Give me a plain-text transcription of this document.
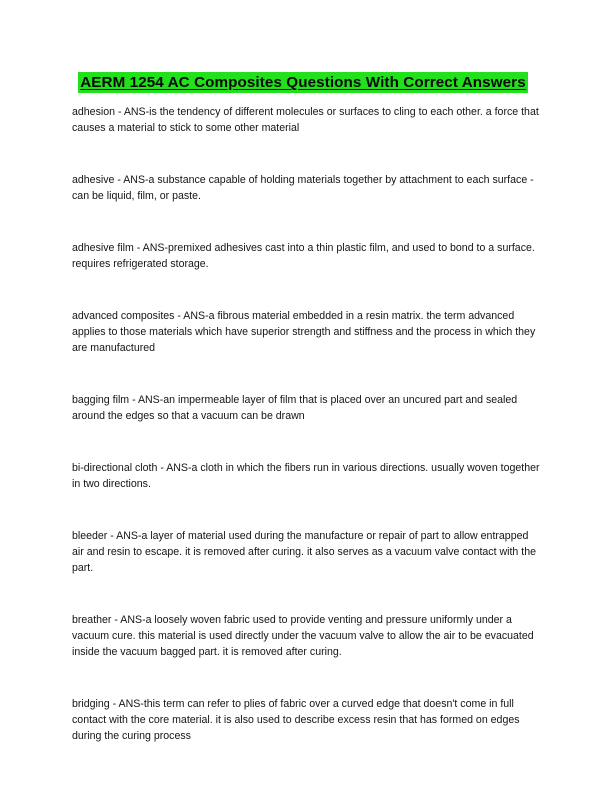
AERM 1254 AC Composites Questions With Correct Answers

adhesion - ANS-is the tendency of different molecules or surfaces to cling to each other. a force that causes a material to stick to some other material

adhesive - ANS-a substance capable of holding materials together by attachment to each surface - can be liquid, film, or paste.

adhesive film - ANS-premixed adhesives cast into a thin plastic film, and used to bond to a surface. requires refrigerated storage.

advanced composites - ANS-a fibrous material embedded in a resin matrix. the term advanced applies to those materials which have superior strength and stiffness and the process in which they are manufactured

bagging film - ANS-an impermeable layer of film that is placed over an uncured part and sealed around the edges so that a vacuum can be drawn

bi-directional cloth - ANS-a cloth in which the fibers run in various directions. usually woven together in two directions.

bleeder - ANS-a layer of material used during the manufacture or repair of part to allow entrapped air and resin to escape. it is removed after curing. it also serves as a vacuum valve contact with the part.

breather - ANS-a loosely woven fabric used to provide venting and pressure uniformly under a vacuum cure. this material is used directly under the vacuum valve to allow the air to be evacuated inside the vacuum bagged part. it is removed after curing.

bridging - ANS-this term can refer to plies of fabric over a curved edge that doesn't come in full contact with the core material. it is also used to describe excess resin that has formed on edges during the curing process
